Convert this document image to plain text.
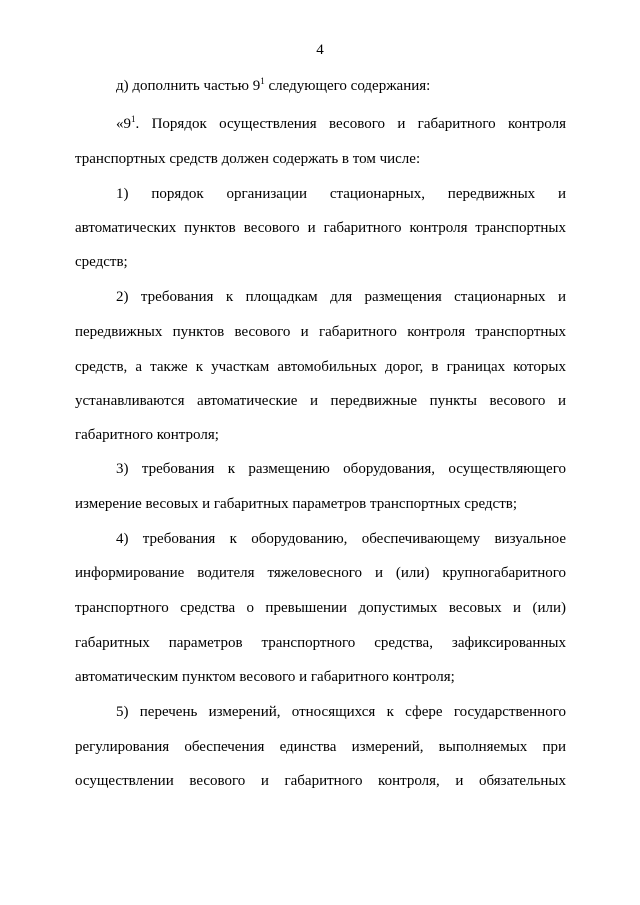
4
д) дополнить частью $9^1$ следующего содержания:
«$9^1$. Порядок осуществления весового и габаритного контроля
транспортных средств должен содержать в том числе:
1) порядок организации стационарных, передвижных и
автоматических пунктов весового и габаритного контроля транспортных
средств;
2) требования к площадкам для размещения стационарных и
передвижных пунктов весового и габаритного контроля транспортных
средств, а также к участкам автомобильных дорог, в границах которых
устанавливаются автоматические и передвижные пункты весового и
габаритного контроля;
3) требования к размещению оборудования, осуществляющего
измерение весовых и габаритных параметров транспортных средств;
4) требования к оборудованию, обеспечивающему визуальное
информирование водителя тяжеловесного и (или) крупногабаритного
транспортного средства о превышении допустимых весовых и (или)
габаритных параметров транспортного средства, зафиксированных
автоматическим пунктом весового и габаритного контроля;
5) перечень измерений, относящихся к сфере государственного
регулирования обеспечения единства измерений, выполняемых при
осуществлении весового и габаритного контроля, и обязательных
